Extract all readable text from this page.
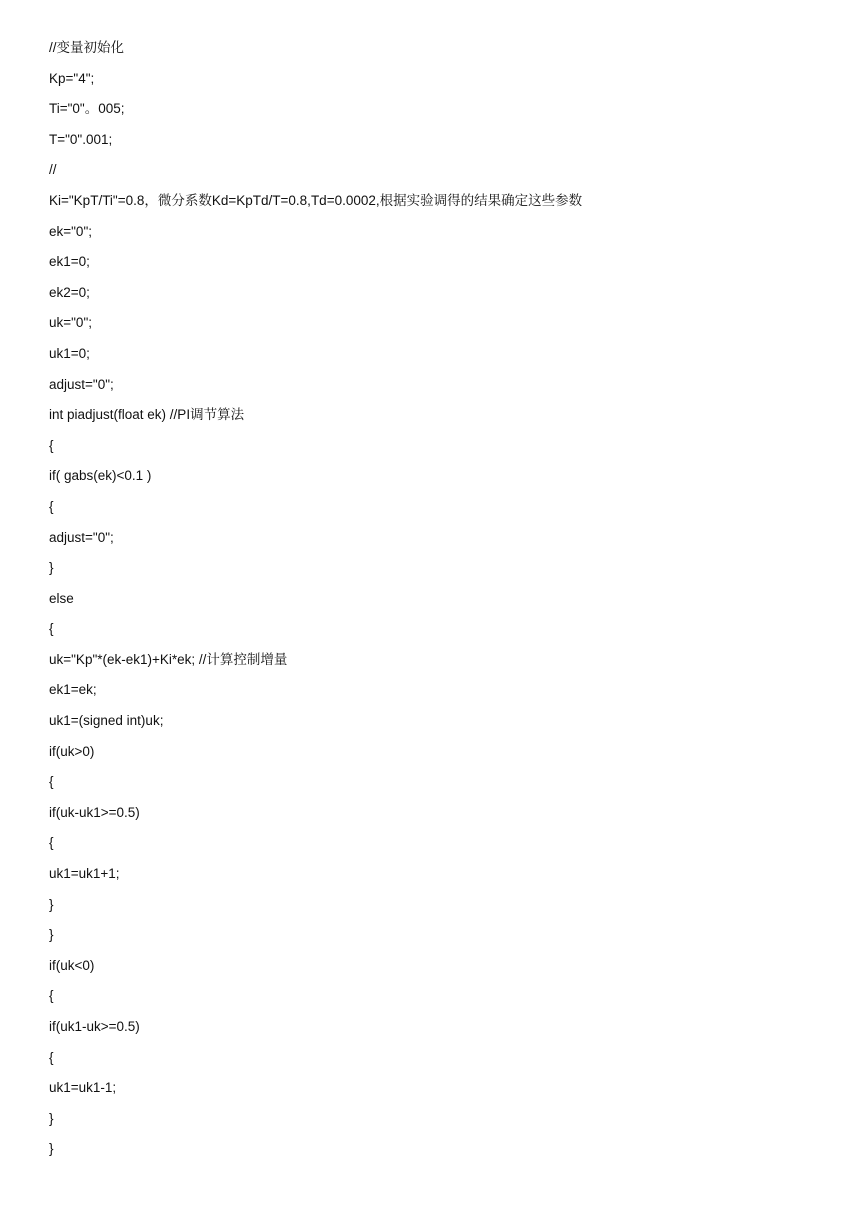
//变量初始化
Kp="4";
Ti="0"。005;
T="0".001;
//
Ki="KpT/Ti"=0.8，微分系数Kd=KpTd/T=0.8,Td=0.0002,根据实验调得的结果确定这些参数
ek="0";
ek1=0;
ek2=0;
uk="0";
uk1=0;
adjust="0";
int piadjust(float ek) //PI调节算法
{
if( gabs(ek)<0.1 )
{
adjust="0";
}
else
{
uk="Kp"*(ek-ek1)+Ki*ek; //计算控制增量
ek1=ek;
uk1=(signed int)uk;
if(uk>0)
{
if(uk-uk1>=0.5)
{
uk1=uk1+1;
}
}
if(uk<0)
{
if(uk1-uk>=0.5)
{
uk1=uk1-1;
}
}
